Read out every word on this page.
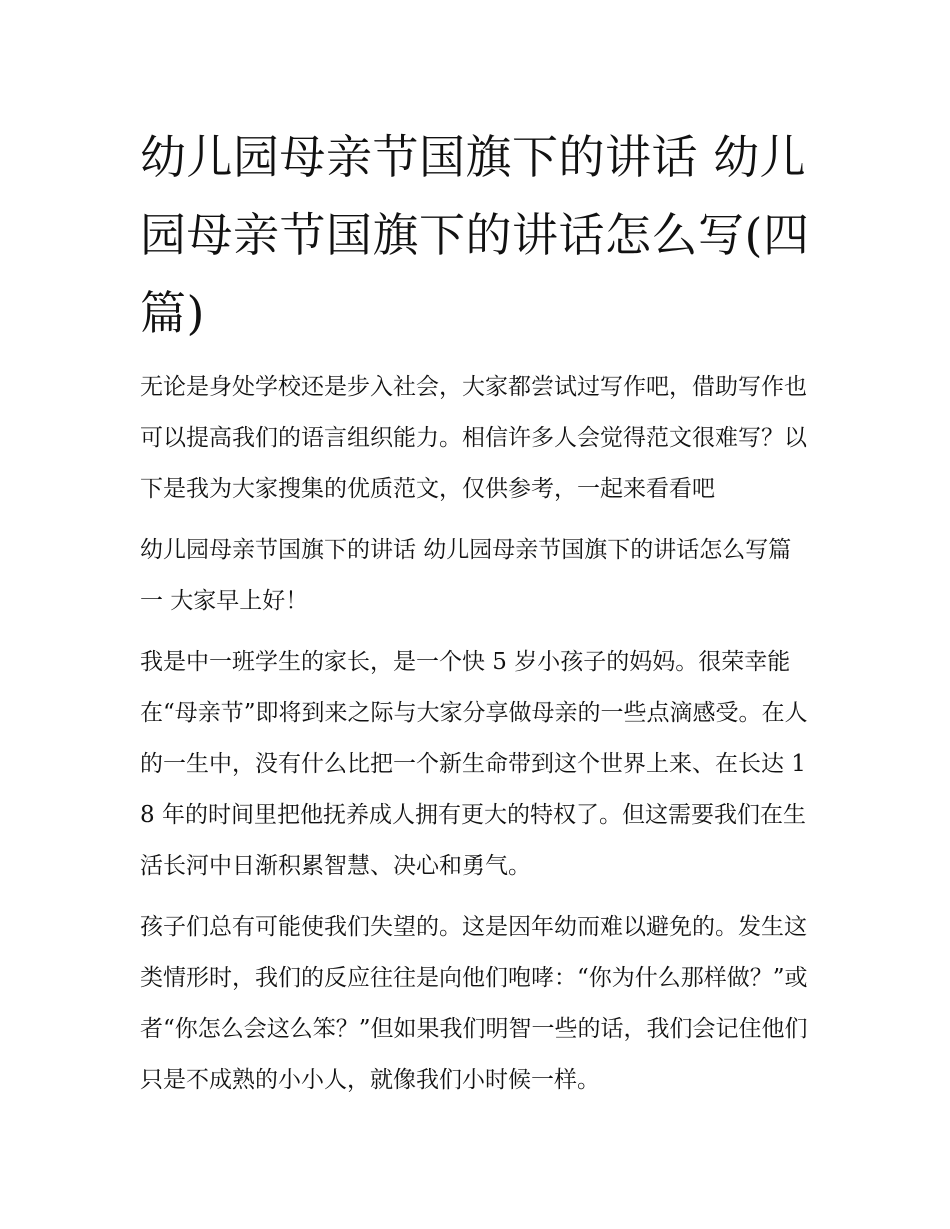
幼儿园母亲节国旗下的讲话 幼儿园母亲节国旗下的讲话怎么写(四篇)

无论是身处学校还是步入社会，大家都尝试过写作吧，借助写作也可以提高我们的语言组织能力。相信许多人会觉得范文很难写？以下是我为大家搜集的优质范文，仅供参考，一起来看看吧

幼儿园母亲节国旗下的讲话 幼儿园母亲节国旗下的讲话怎么写篇一 大家早上好！

我是中一班学生的家长，是一个快 5 岁小孩子的妈妈。很荣幸能在“母亲节”即将到来之际与大家分享做母亲的一些点滴感受。在人的一生中，没有什么比把一个新生命带到这个世界上来、在长达 18 年的时间里把他抚养成人拥有更大的特权了。但这需要我们在生活长河中日渐积累智慧、决心和勇气。

孩子们总有可能使我们失望的。这是因年幼而难以避免的。发生这类情形时，我们的反应往往是向他们咆哮：“你为什么那样做？”或者“你怎么会这么笨？”但如果我们明智一些的话，我们会记住他们只是不成熟的小小人，就像我们小时候一样。
